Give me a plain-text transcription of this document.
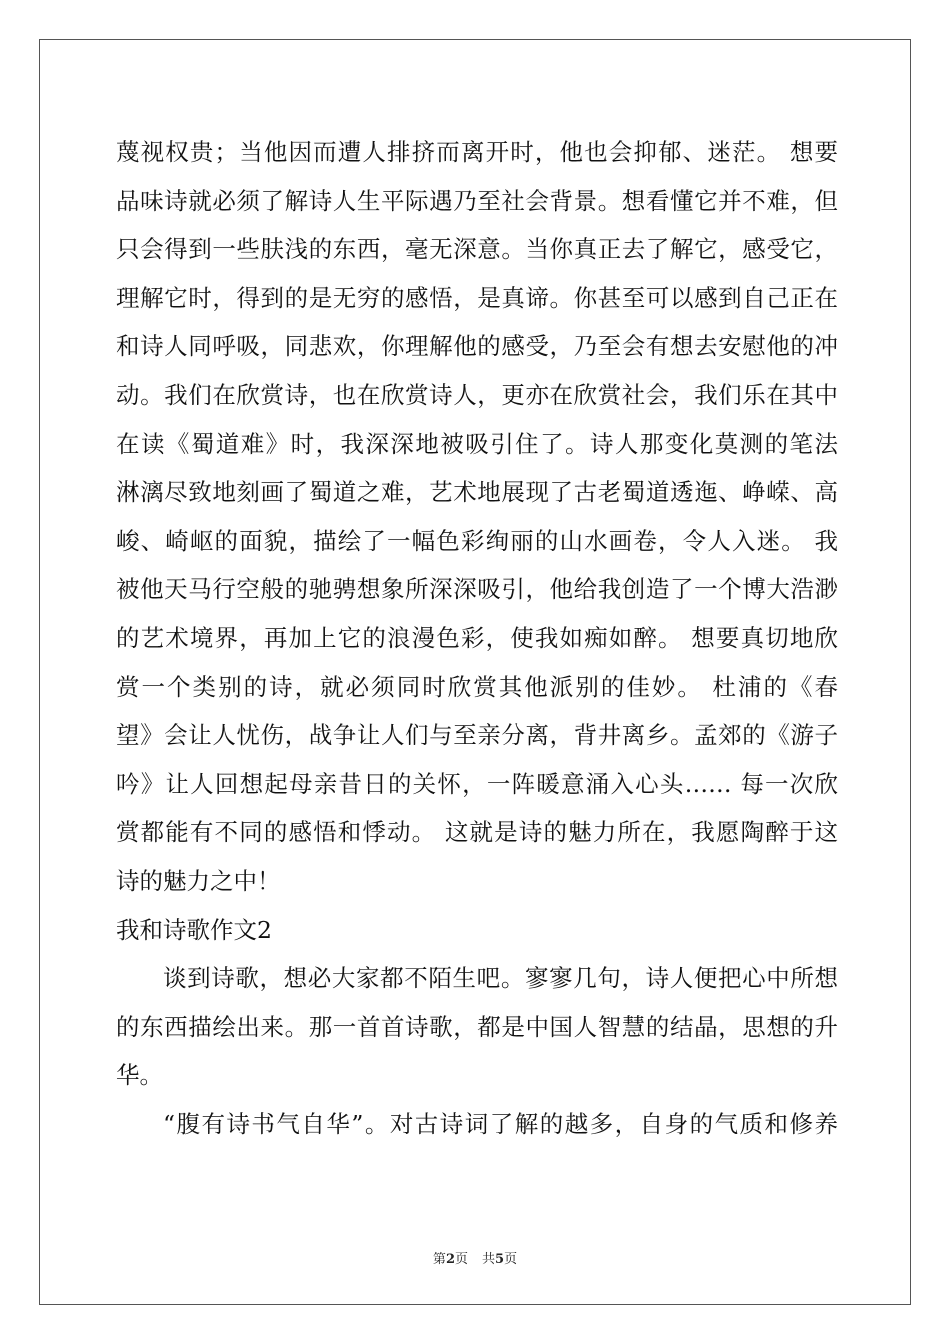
蔑视权贵；当他因而遭人排挤而离开时，他也会抑郁、迷茫。 想要
品味诗就必须了解诗人生平际遇乃至社会背景。想看懂它并不难，但
只会得到一些肤浅的东西，毫无深意。当你真正去了解它，感受它，
理解它时，得到的是无穷的感悟，是真谛。你甚至可以感到自己正在
和诗人同呼吸，同悲欢，你理解他的感受，乃至会有想去安慰他的冲
动。我们在欣赏诗，也在欣赏诗人，更亦在欣赏社会，我们乐在其中
在读《蜀道难》时，我深深地被吸引住了。诗人那变化莫测的笔法
淋漓尽致地刻画了蜀道之难，艺术地展现了古老蜀道透迤、峥嵘、高
峻、崎岖的面貌，描绘了一幅色彩绚丽的山水画卷，令人入迷。 我
被他天马行空般的驰骋想象所深深吸引，他给我创造了一个博大浩渺
的艺术境界，再加上它的浪漫色彩，使我如痴如醉。 想要真切地欣
赏一个类别的诗，就必须同时欣赏其他派别的佳妙。 杜浦的《春
望》会让人忧伤，战争让人们与至亲分离，背井离乡。孟郊的《游子
吟》让人回想起母亲昔日的关怀，一阵暖意涌入心头…… 每一次欣
赏都能有不同的感悟和悸动。 这就是诗的魅力所在，我愿陶醉于这
诗的魅力之中！
我和诗歌作文2
谈到诗歌，想必大家都不陌生吧。寥寥几句，诗人便把心中所想
的东西描绘出来。那一首首诗歌，都是中国人智慧的结晶，思想的升
华。
“腹有诗书气自华”。对古诗词了解的越多，自身的气质和修养
第2页 共5页
